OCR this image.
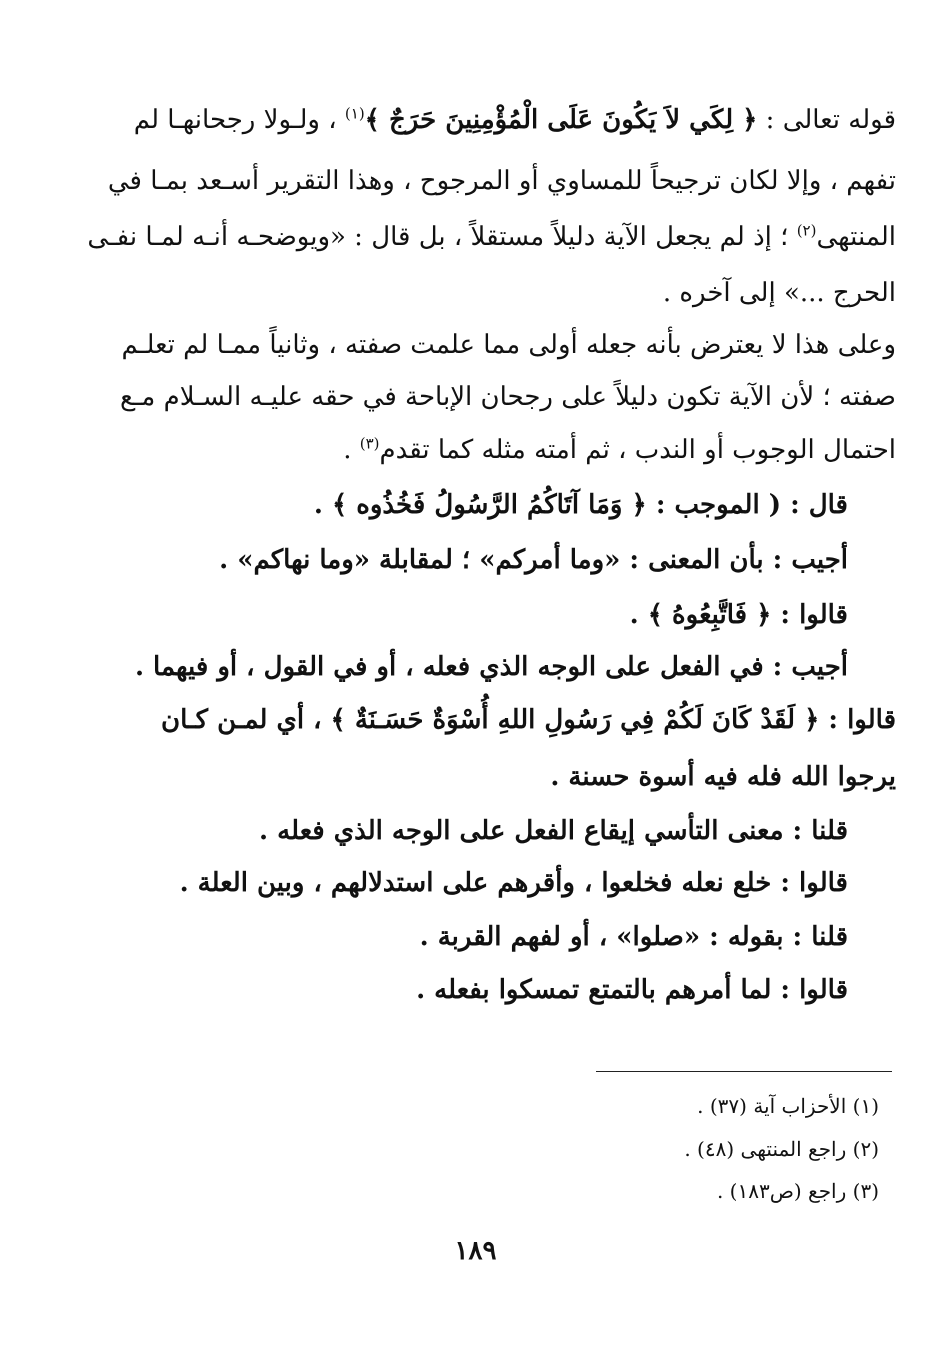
قوله تعالى : ﴿ لِكَي لاَ يَكُونَ عَلَى الْمُؤْمِنِينَ حَرَجٌ ﴾$^{(١)}$ ، ولـولا رجحانهـا لم
تفهم ، وإلا لكان ترجيحاً للمساوي أو المرجوح ، وهذا التقرير أسـعد بمـا في
المنتهى$^{(٢)}$ ؛ إذ لم يجعل الآية دليلاً مستقلاً ، بل قال : «ويوضحـه أنـه لمـا نفـى
الحرج ...» إلى آخره .
وعلى هذا لا يعترض بأنه جعله أولى مما علمت صفته ، وثانياً ممـا لم تعلـم
صفته ؛ لأن الآية تكون دليلاً على رجحان الإباحة في حقه عليـه السـلام مـع
احتمال الوجوب أو الندب ، ثم أمته مثله كما تقدم$^{(٣)}$ .
قال : ( الموجب : ﴿ وَمَا آتَاكُمُ الرَّسُولُ فَخُذُوه ﴾ .
أجيب : بأن المعنى : «وما أمركم» ؛ لمقابلة «وما نهاكم» .
قالوا : ﴿ فَاتَّبِعُوهُ ﴾ .
أجيب : في الفعل على الوجه الذي فعله ، أو في القول ، أو فيهما .
قالوا : ﴿ لَقَدْ كَانَ لَكُمْ فِي رَسُولِ اللهِ أُسْوَةٌ حَسَـنَةٌ ﴾ ، أي لمـن كـان
يرجوا الله فله فيه أسوة حسنة .
قلنا : معنى التأسي إيقاع الفعل على الوجه الذي فعله .
قالوا : خلع نعله فخلعوا ، وأقرهم على استدلالهم ، وبين العلة .
قلنا : بقوله : «صلوا» ، أو لفهم القربة .
قالوا : لما أمرهم بالتمتع تمسكوا بفعله .
(١) الأحزاب آية (٣٧) .
(٢) راجع المنتهى (٤٨) .
(٣) راجع (ص١٨٣) .
١٨٩
